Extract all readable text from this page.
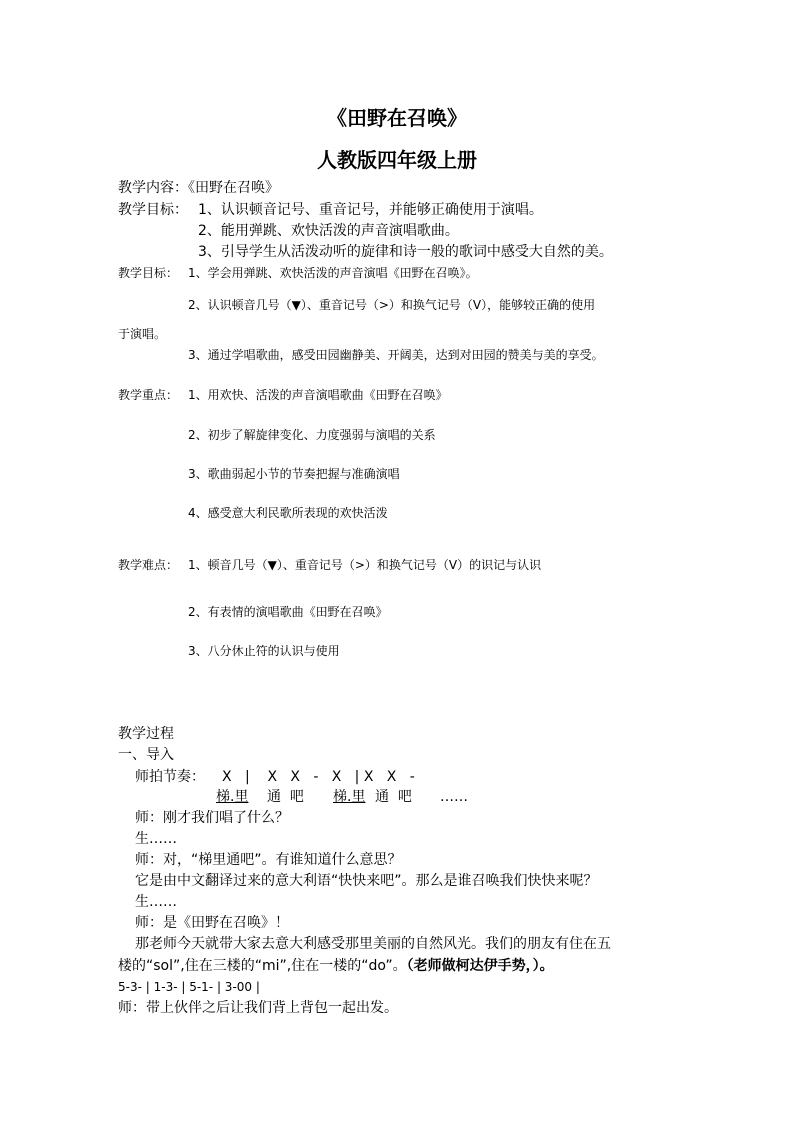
《田野在召唤》
人教版四年级上册
教学内容：《田野在召唤》
教学目标： 1、认识顿音记号、重音记号，并能够正确使用于演唱。
2、能用弹跳、欢快活泼的声音演唱歌曲。
3、引导学生从活泼动听的旋律和诗一般的歌词中感受大自然的美。
教学目标： 1、学会用弹跳、欢快活泼的声音演唱《田野在召唤》。
2、认识顿音几号（▼）、重音记号（>）和换气记号（V），能够较正确的使用
于演唱。
3、通过学唱歌曲，感受田园幽静美、开阔美，达到对田园的赞美与美的享受。
教学重点： 1、用欢快、活泼的声音演唱歌曲《田野在召唤》
2、初步了解旋律变化、力度强弱与演唱的关系
3、歌曲弱起小节的节奏把握与准确演唱
4、感受意大利民歌所表现的欢快活泼
教学难点： 1、顿音几号（▼）、重音记号（>）和换气记号（V）的识记与认识
2、有表情的演唱歌曲《田野在召唤》
3、八分休止符的认识与使用
教学过程
一、导入
师拍节奏： X   |    X   X   -   X   | X   X   -
梯.里 通  吧 梯.里 通  吧 ……
师：刚才我们唱了什么？
生……
师：对，“梯里通吧”。有谁知道什么意思？
它是由中文翻译过来的意大利语“快快来吧”。那么是谁召唤我们快快来呢？
生……
师：是《田野在召唤》！
那老师今天就带大家去意大利感受那里美丽的自然风光。我们的朋友有住在五
楼的“sol”,住在三楼的“mi”,住在一楼的“do”。（老师做柯达伊手势，）。
5-3- | 1-3- | 5-1- | 3-00 |
师：带上伙伴之后让我们背上背包一起出发。
